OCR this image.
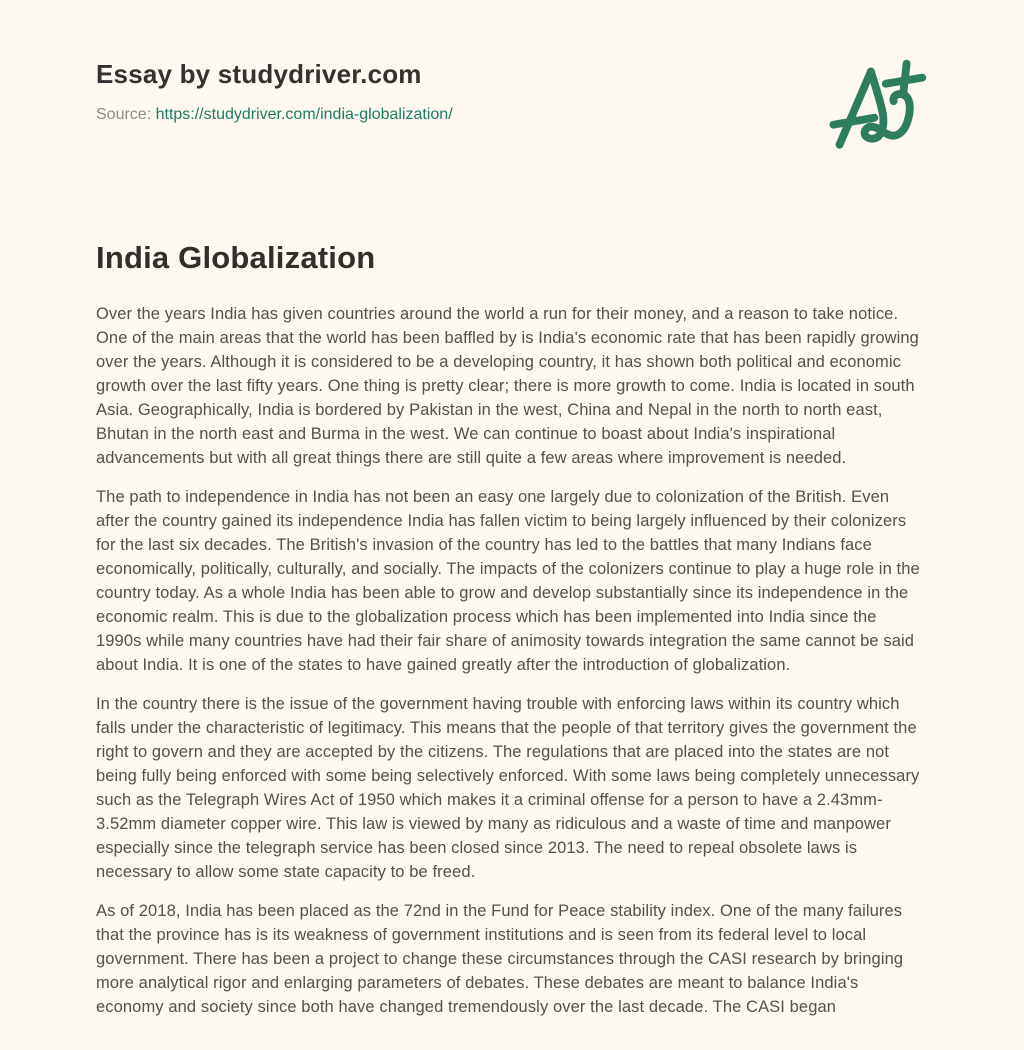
Essay by studydriver.com

Source: https://studydriver.com/india-globalization/

India Globalization

Over the years India has given countries around the world a run for their money, and a reason to take notice. One of the main areas that the world has been baffled by is India's economic rate that has been rapidly growing over the years. Although it is considered to be a developing country, it has shown both political and economic growth over the last fifty years. One thing is pretty clear; there is more growth to come. India is located in south Asia. Geographically, India is bordered by Pakistan in the west, China and Nepal in the north to north east, Bhutan in the north east and Burma in the west. We can continue to boast about India's inspirational advancements but with all great things there are still quite a few areas where improvement is needed.

The path to independence in India has not been an easy one largely due to colonization of the British. Even after the country gained its independence India has fallen victim to being largely influenced by their colonizers for the last six decades. The British's invasion of the country has led to the battles that many Indians face economically, politically, culturally, and socially. The impacts of the colonizers continue to play a huge role in the country today. As a whole India has been able to grow and develop substantially since its independence in the economic realm. This is due to the globalization process which has been implemented into India since the 1990s while many countries have had their fair share of animosity towards integration the same cannot be said about India. It is one of the states to have gained greatly after the introduction of globalization.

In the country there is the issue of the government having trouble with enforcing laws within its country which falls under the characteristic of legitimacy. This means that the people of that territory gives the government the right to govern and they are accepted by the citizens. The regulations that are placed into the states are not being fully being enforced with some being selectively enforced. With some laws being completely unnecessary such as the Telegraph Wires Act of 1950 which makes it a criminal offense for a person to have a 2.43mm-3.52mm diameter copper wire. This law is viewed by many as ridiculous and a waste of time and manpower especially since the telegraph service has been closed since 2013. The need to repeal obsolete laws is necessary to allow some state capacity to be freed.

As of 2018, India has been placed as the 72nd in the Fund for Peace stability index. One of the many failures that the province has is its weakness of government institutions and is seen from its federal level to local government. There has been a project to change these circumstances through the CASI research by bringing more analytical rigor and enlarging parameters of debates. These debates are meant to balance India's economy and society since both have changed tremendously over the last decade. The CASI began
